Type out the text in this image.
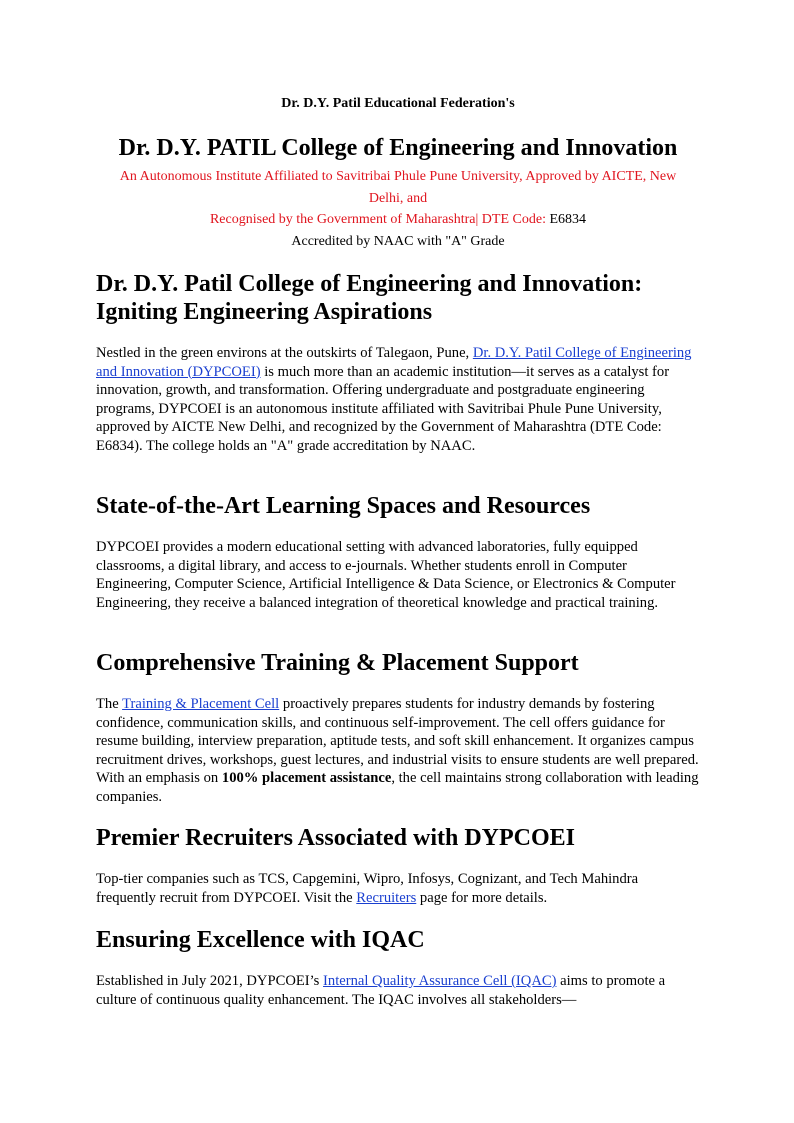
Dr. D.Y. Patil Educational Federation's
Dr. D.Y. PATIL College of Engineering and Innovation
An Autonomous Institute Affiliated to Savitribai Phule Pune University, Approved by AICTE, New Delhi, and
Recognised by the Government of Maharashtra| DTE Code: E6834
Accredited by NAAC with "A" Grade
Dr. D.Y. Patil College of Engineering and Innovation: Igniting Engineering Aspirations

Nestled in the green environs at the outskirts of Talegaon, Pune, Dr. D.Y. Patil College of Engineering and Innovation (DYPCOEI) is much more than an academic institution—it serves as a catalyst for innovation, growth, and transformation. Offering undergraduate and postgraduate engineering programs, DYPCOEI is an autonomous institute affiliated with Savitribai Phule Pune University, approved by AICTE New Delhi, and recognized by the Government of Maharashtra (DTE Code: E6834). The college holds an "A" grade accreditation by NAAC.

State-of-the-Art Learning Spaces and Resources

DYPCOEI provides a modern educational setting with advanced laboratories, fully equipped classrooms, a digital library, and access to e-journals. Whether students enroll in Computer Engineering, Computer Science, Artificial Intelligence & Data Science, or Electronics & Computer Engineering, they receive a balanced integration of theoretical knowledge and practical training.

Comprehensive Training & Placement Support

The Training & Placement Cell proactively prepares students for industry demands by fostering confidence, communication skills, and continuous self-improvement. The cell offers guidance for resume building, interview preparation, aptitude tests, and soft skill enhancement. It organizes campus recruitment drives, workshops, guest lectures, and industrial visits to ensure students are well prepared. With an emphasis on 100% placement assistance, the cell maintains strong collaboration with leading companies.

Premier Recruiters Associated with DYPCOEI

Top-tier companies such as TCS, Capgemini, Wipro, Infosys, Cognizant, and Tech Mahindra frequently recruit from DYPCOEI. Visit the Recruiters page for more details.

Ensuring Excellence with IQAC

Established in July 2021, DYPCOEI’s Internal Quality Assurance Cell (IQAC) aims to promote a culture of continuous quality enhancement. The IQAC involves all stakeholders—
